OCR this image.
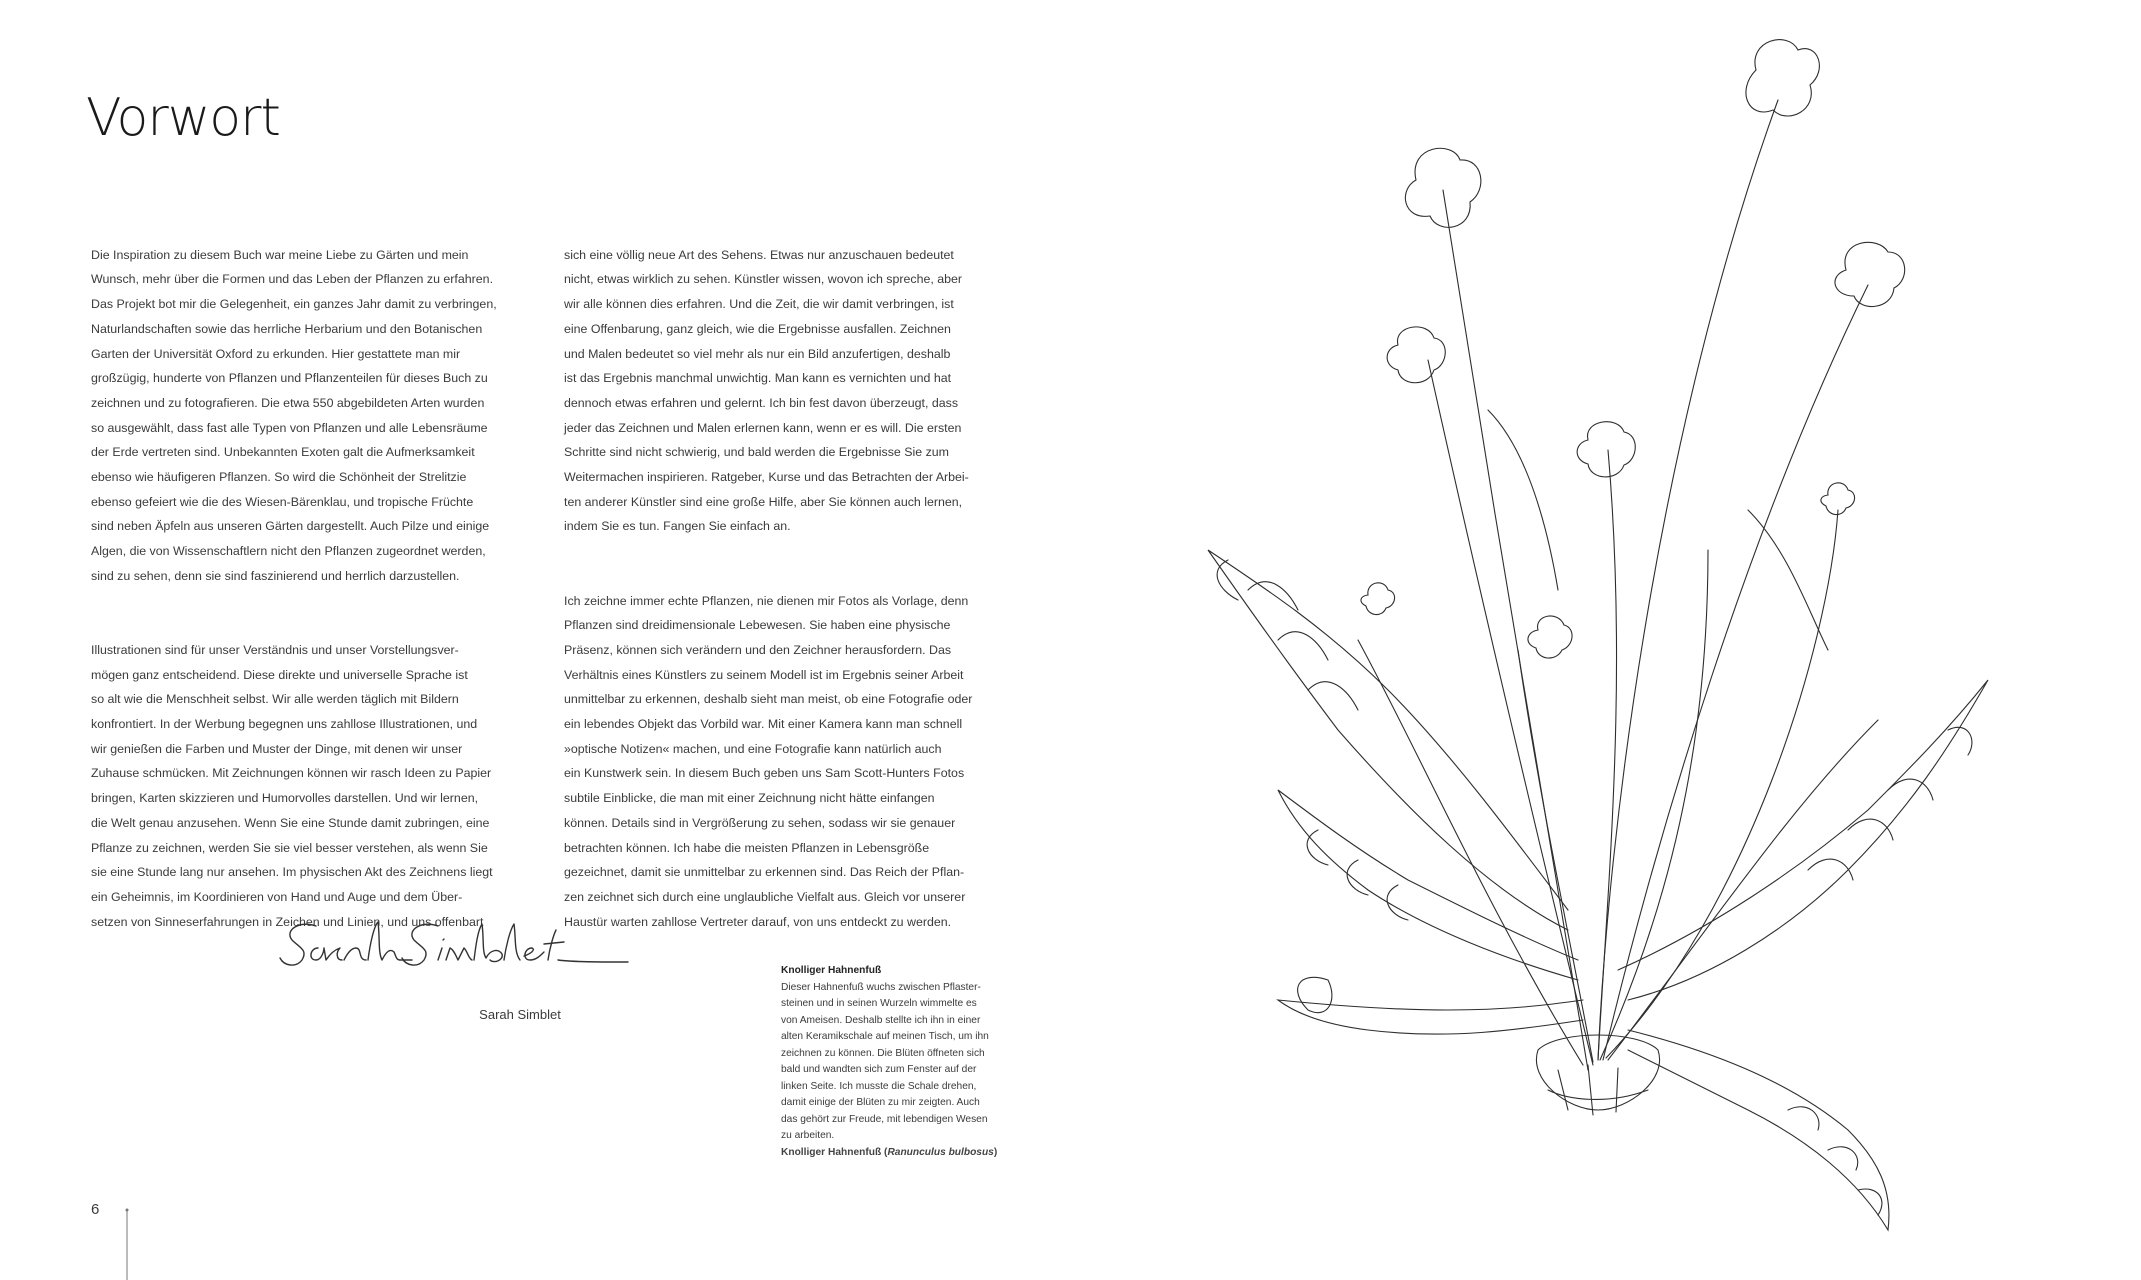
Vorwort

Die Inspiration zu diesem Buch war meine Liebe zu Gärten und mein
Wunsch, mehr über die Formen und das Leben der Pflanzen zu erfahren.
Das Projekt bot mir die Gelegenheit, ein ganzes Jahr damit zu verbringen,
Naturlandschaften sowie das herrliche Herbarium und den Botanischen
Garten der Universität Oxford zu erkunden. Hier gestattete man mir
großzügig, hunderte von Pflanzen und Pflanzenteilen für dieses Buch zu
zeichnen und zu fotografieren. Die etwa 550 abgebildeten Arten wurden
so ausgewählt, dass fast alle Typen von Pflanzen und alle Lebensräume
der Erde vertreten sind. Unbekannten Exoten galt die Aufmerksamkeit
ebenso wie häufigeren Pflanzen. So wird die Schönheit der Strelitzie
ebenso gefeiert wie die des Wiesen-Bärenklau, und tropische Früchte
sind neben Äpfeln aus unseren Gärten dargestellt. Auch Pilze und einige
Algen, die von Wissenschaftlern nicht den Pflanzen zugeordnet werden,
sind zu sehen, denn sie sind faszinierend und herrlich darzustellen.

Illustrationen sind für unser Verständnis und unser Vorstellungsver-
mögen ganz entscheidend. Diese direkte und universelle Sprache ist
so alt wie die Menschheit selbst. Wir alle werden täglich mit Bildern
konfrontiert. In der Werbung begegnen uns zahllose Illustrationen, und
wir genießen die Farben und Muster der Dinge, mit denen wir unser
Zuhause schmücken. Mit Zeichnungen können wir rasch Ideen zu Papier
bringen, Karten skizzieren und Humorvolles darstellen. Und wir lernen,
die Welt genau anzusehen. Wenn Sie eine Stunde damit zubringen, eine
Pflanze zu zeichnen, werden Sie sie viel besser verstehen, als wenn Sie
sie eine Stunde lang nur ansehen. Im physischen Akt des Zeichnens liegt
ein Geheimnis, im Koordinieren von Hand und Auge und dem Über-
setzen von Sinneserfahrungen in Zeichen und Linien, und uns offenbart

sich eine völlig neue Art des Sehens. Etwas nur anzuschauen bedeutet
nicht, etwas wirklich zu sehen. Künstler wissen, wovon ich spreche, aber
wir alle können dies erfahren. Und die Zeit, die wir damit verbringen, ist
eine Offenbarung, ganz gleich, wie die Ergebnisse ausfallen. Zeichnen
und Malen bedeutet so viel mehr als nur ein Bild anzufertigen, deshalb
ist das Ergebnis manchmal unwichtig. Man kann es vernichten und hat
dennoch etwas erfahren und gelernt. Ich bin fest davon überzeugt, dass
jeder das Zeichnen und Malen erlernen kann, wenn er es will. Die ersten
Schritte sind nicht schwierig, und bald werden die Ergebnisse Sie zum
Weitermachen inspirieren. Ratgeber, Kurse und das Betrachten der Arbei-
ten anderer Künstler sind eine große Hilfe, aber Sie können auch lernen,
indem Sie es tun. Fangen Sie einfach an.

Ich zeichne immer echte Pflanzen, nie dienen mir Fotos als Vorlage, denn
Pflanzen sind dreidimensionale Lebewesen. Sie haben eine physische
Präsenz, können sich verändern und den Zeichner herausfordern. Das
Verhältnis eines Künstlers zu seinem Modell ist im Ergebnis seiner Arbeit
unmittelbar zu erkennen, deshalb sieht man meist, ob eine Fotografie oder
ein lebendes Objekt das Vorbild war. Mit einer Kamera kann man schnell
»optische Notizen« machen, und eine Fotografie kann natürlich auch
ein Kunstwerk sein. In diesem Buch geben uns Sam Scott-Hunters Fotos
subtile Einblicke, die man mit einer Zeichnung nicht hätte einfangen
können. Details sind in Vergrößerung zu sehen, sodass wir sie genauer
betrachten können. Ich habe die meisten Pflanzen in Lebensgröße
gezeichnet, damit sie unmittelbar zu erkennen sind. Das Reich der Pflan-
zen zeichnet sich durch eine unglaubliche Vielfalt aus. Gleich vor unserer
Haustür warten zahllose Vertreter darauf, von uns entdeckt zu werden.

Sarah Simblet
Knolliger Hahnenfuß
Dieser Hahnenfuß wuchs zwischen Pflaster-
steinen und in seinen Wurzeln wimmelte es
von Ameisen. Deshalb stellte ich ihn in einer
alten Keramikschale auf meinen Tisch, um ihn
zeichnen zu können. Die Blüten öffneten sich
bald und wandten sich zum Fenster auf der
linken Seite. Ich musste die Schale drehen,
damit einige der Blüten zu mir zeigten. Auch
das gehört zur Freude, mit lebendigen Wesen
zu arbeiten.
Knolliger Hahnenfuß (Ranunculus bulbosus)
6
